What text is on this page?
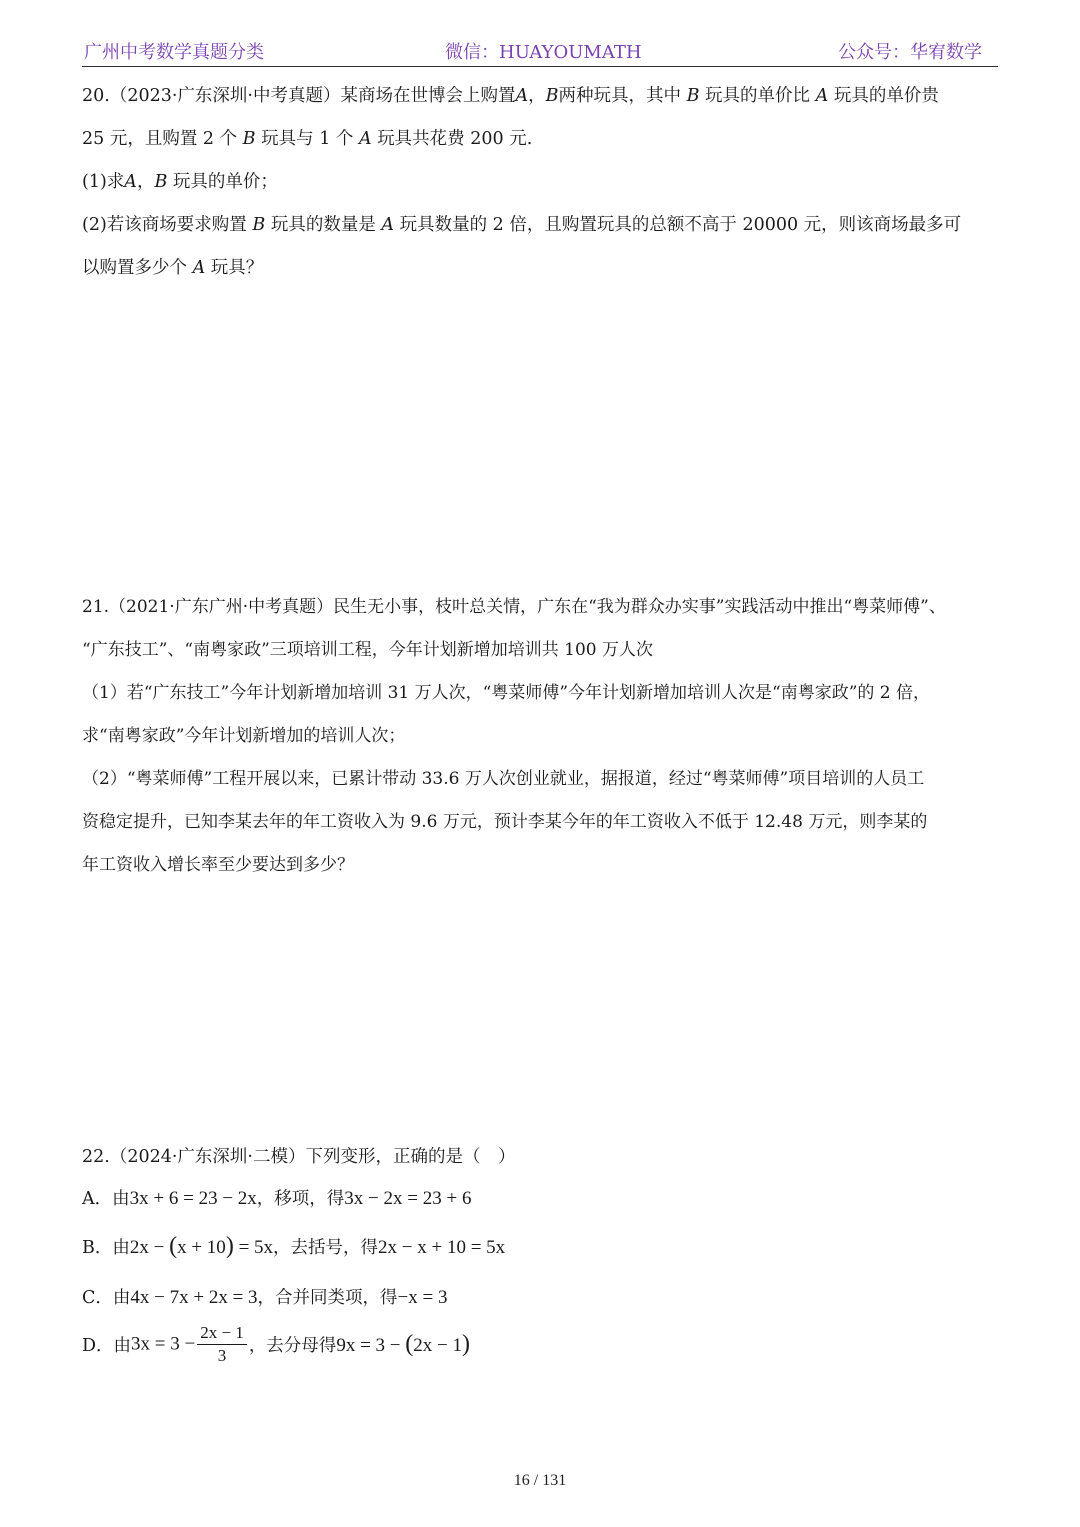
广州中考数学真题分类	微信：HUAYOUMATH	公众号：华宥数学
20.（2023·广东深圳·中考真题）某商场在世博会上购置A，B两种玩具，其中 B 玩具的单价比 A 玩具的单价贵
25 元，且购置 2 个 B 玩具与 1 个 A 玩具共花费 200 元.
(1)求A，B 玩具的单价；
(2)若该商场要求购置 B 玩具的数量是 A 玩具数量的 2 倍，且购置玩具的总额不高于 20000 元，则该商场最多可
以购置多少个 A 玩具？
21.（2021·广东广州·中考真题）民生无小事，枝叶总关情，广东在“我为群众办实事”实践活动中推出“粤菜师傅”、
“广东技工”、“南粤家政”三项培训工程，今年计划新增加培训共 100 万人次
（1）若“广东技工”今年计划新增加培训 31 万人次，“粤菜师傅”今年计划新增加培训人次是“南粤家政”的 2 倍，
求“南粤家政”今年计划新增加的培训人次；
（2）“粤菜师傅”工程开展以来，已累计带动 33.6 万人次创业就业，据报道，经过“粤菜师傅”项目培训的人员工
资稳定提升，已知李某去年的年工资收入为 9.6 万元，预计李某今年的年工资收入不低于 12.48 万元，则李某的
年工资收入增长率至少要达到多少？
22.（2024·广东深圳·二模）下列变形，正确的是（　）
A．由3x + 6 = 23 − 2x，移项，得3x − 2x = 23 + 6
B．由2x − (x + 10) = 5x，去括号，得2x − x + 10 = 5x
C．由4x − 7x + 2x = 3，合并同类项，得−x = 3
D．由$3x = 3 - \frac{2x - 1}{3}$ ，去分母得9x = 3 − (2x − 1)
16 / 131
